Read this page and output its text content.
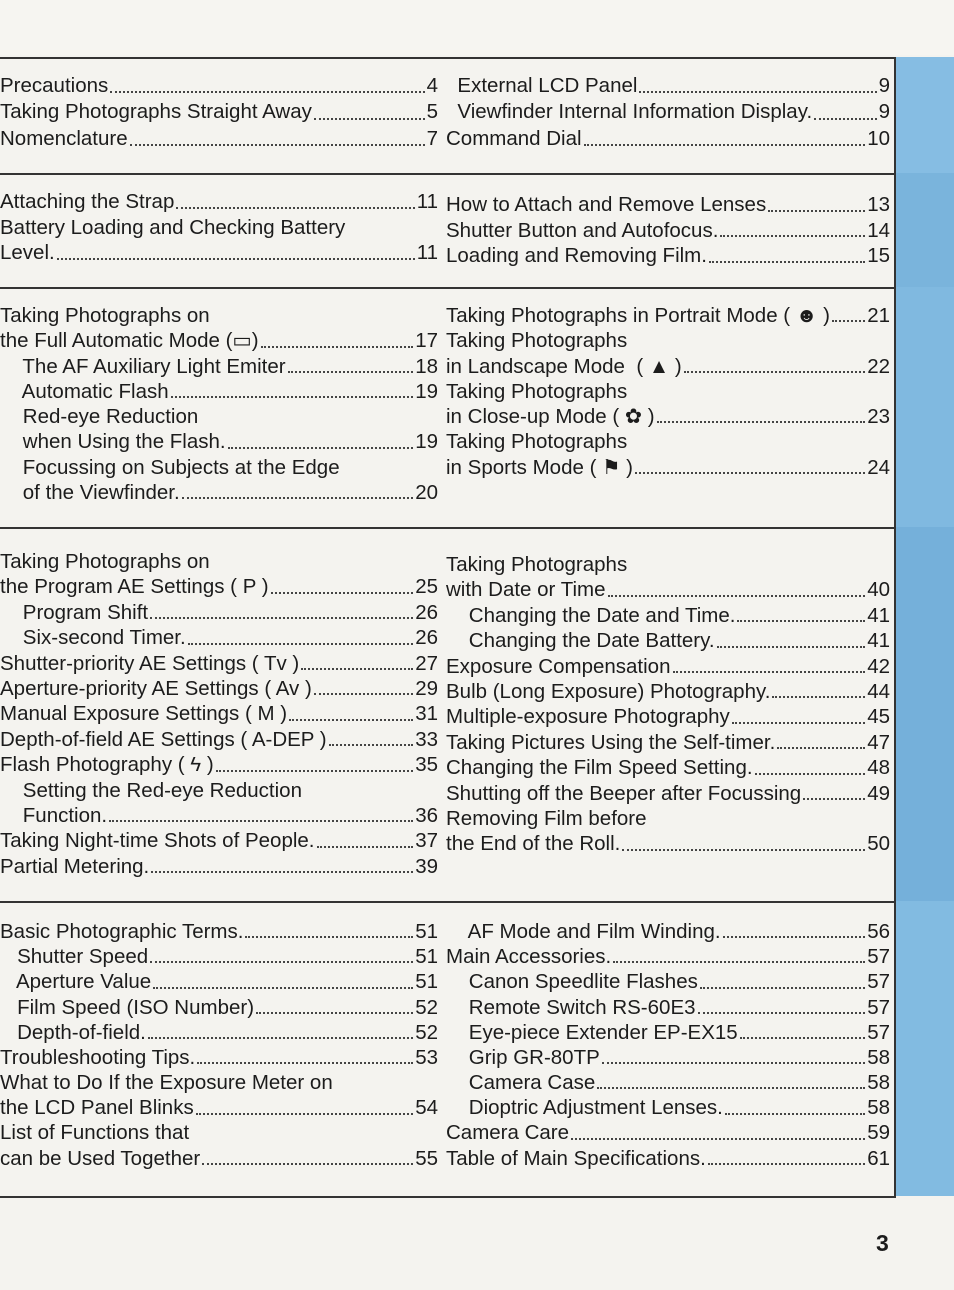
Precautions	4
Taking Photographs Straight Away	5
Nomenclature	7
External LCD Panel	9
Viewfinder Internal Information Display.	9
Command Dial	10
Attaching the Strap	11
Battery Loading and Checking Battery
Level.	11
How to Attach and Remove Lenses	13
Shutter Button and Autofocus.	14
Loading and Removing Film.	15
Taking Photographs on
the Full Automatic Mode (▭)	17
The AF Auxiliary Light Emiter	18
Automatic Flash	19
Red-eye Reduction
when Using the Flash.	19
Focussing on Subjects at the Edge
of the Viewfinder.	20
Taking Photographs in Portrait Mode ( ☻ ) 21
Taking Photographs
in Landscape Mode  ( ▲ )	22
Taking Photographs
in Close-up Mode ( ✿ )	23
Taking Photographs
in Sports Mode ( ⚑ )	24
Taking Photographs on
the Program AE Settings ( P )	25
Program Shift	26
Six-second Timer.	26
Shutter-priority AE Settings ( Tv )	27
Aperture-priority AE Settings ( Av )	29
Manual Exposure Settings ( M )	31
Depth-of-field AE Settings ( A-DEP )	33
Flash Photography ( ϟ )	35
Setting the Red-eye Reduction
Function.	36
Taking Night-time Shots of People.	37
Partial Metering.	39
Taking Photographs
with Date or Time	40
Changing the Date and Time.	41
Changing the Date Battery.	41
Exposure Compensation	42
Bulb (Long Exposure) Photography.	44
Multiple-exposure Photography	45
Taking Pictures Using the Self-timer.	47
Changing the Film Speed Setting.	48
Shutting off the Beeper after Focussing	49
Removing Film before
the End of the Roll.	50
Basic Photographic Terms.	51
Shutter Speed	51
Aperture Value	51
Film Speed (ISO Number)	52
Depth-of-field.	52
Troubleshooting Tips.	53
What to Do If the Exposure Meter on
the LCD Panel Blinks	54
List of Functions that
can be Used Together	55
AF Mode and Film Winding.	56
Main Accessories.	57
Canon Speedlite Flashes	57
Remote Switch RS-60E3	57
Eye-piece Extender EP-EX15	57
Grip GR-80TP	58
Camera Case	58
Dioptric Adjustment Lenses.	58
Camera Care	59
Table of Main Specifications.	61
3
